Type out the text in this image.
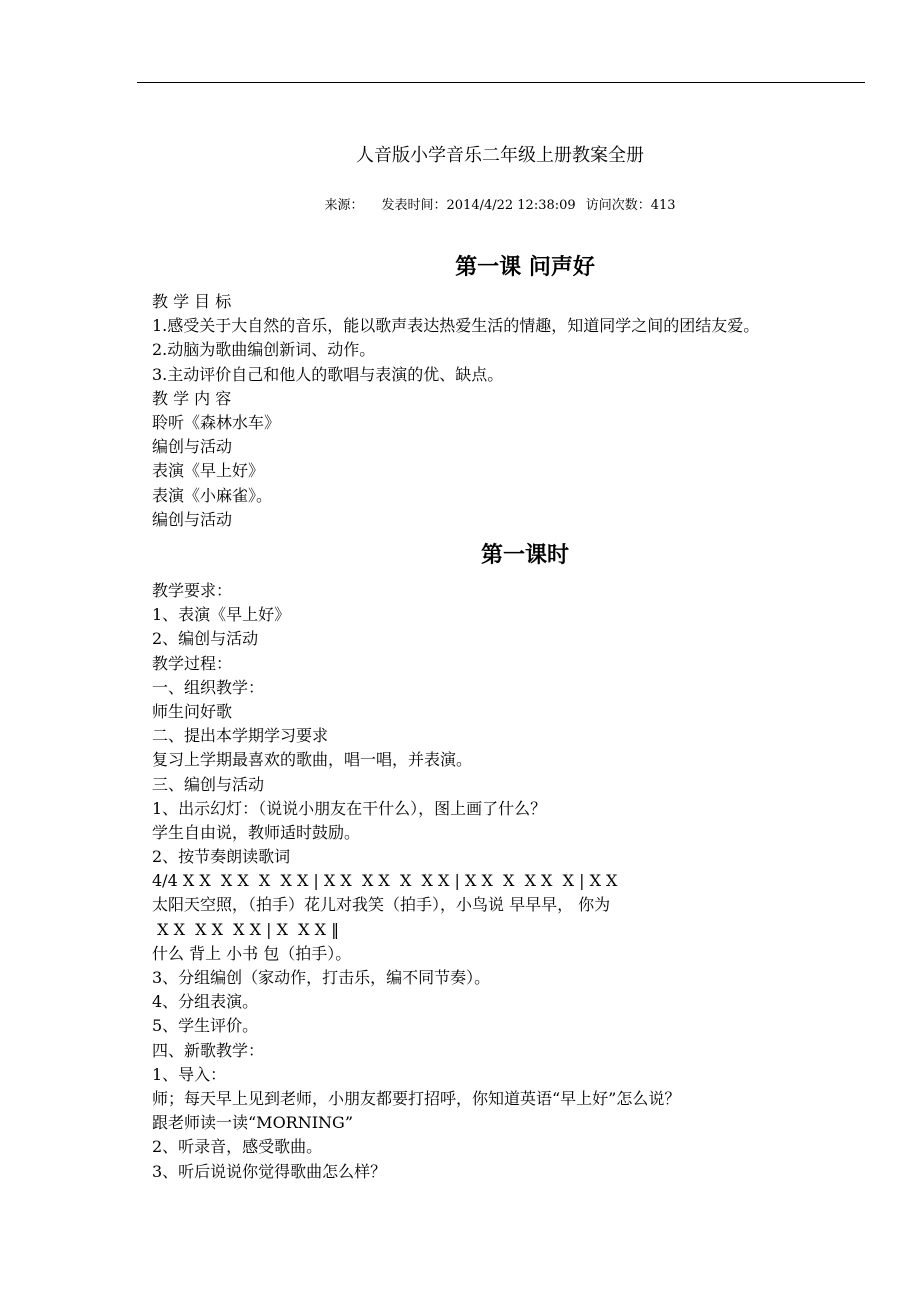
人音版小学音乐二年级上册教案全册
来源： 发表时间：2014/4/22 12:38:09 访问次数：413
第一课 问声好
教 学 目 标
1.感受关于大自然的音乐，能以歌声表达热爱生活的情趣，知道同学之间的团结友爱。
2.动脑为歌曲编创新词、动作。
3.主动评价自己和他人的歌唱与表演的优、缺点。
教 学 内 容
聆听《森林水车》
编创与活动
表演《早上好》
表演《小麻雀》。
编创与活动
第一课时
教学要求：
1、表演《早上好》
2、编创与活动
教学过程：
一、组织教学：
师生问好歌
二、提出本学期学习要求
复习上学期最喜欢的歌曲，唱一唱，并表演。
三、编创与活动
1、出示幻灯：（说说小朋友在干什么），图上画了什么？
学生自由说，教师适时鼓励。
2、按节奏朗读歌词
4/4 X X  X X  X  X X | X X  X X  X  X X | X X  X  X X  X | X X
太阳天空照，（拍手）花儿对我笑（拍手），小鸟说 早早早， 你为
X X  X X  X X | X  X X ‖
什么 背上 小书 包（拍手）。
3、分组编创（家动作，打击乐，编不同节奏）。
4、分组表演。
5、学生评价。
四、新歌教学：
1、导入：
师；每天早上见到老师，小朋友都要打招呼，你知道英语“早上好”怎么说？
跟老师读一读“MORNING”
2、听录音，感受歌曲。
3、听后说说你觉得歌曲怎么样？
